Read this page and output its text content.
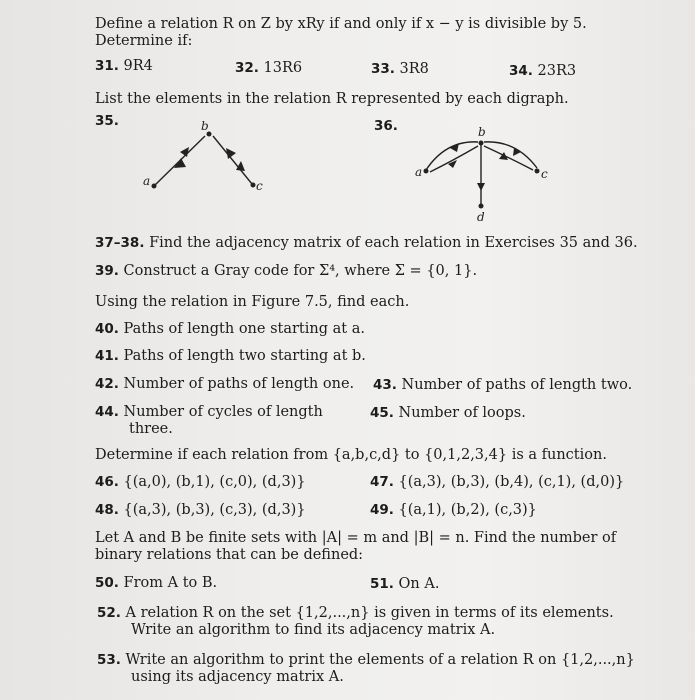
Define a relation R on Z by xRy if and only if x − y is divisible by 5.
Determine if:
31. 9R4	32. 13R6	33. 3R8	34. 23R3
List the elements in the relation R represented by each digraph.
35.	36.
a
b
c
a
b
c
d
37–38. Find the adjacency matrix of each relation in Exercises 35 and 36.
39. Construct a Gray code for Σ⁴, where Σ = {0, 1}.
Using the relation in Figure 7.5, find each.
40. Paths of length one starting at a.
41. Paths of length two starting at b.
42. Number of paths of length one. 43. Number of paths of length two.
44. Number of cycles of length
three.
45. Number of loops.
Determine if each relation from {a,b,c,d} to {0,1,2,3,4} is a function.
46. {(a,0), (b,1), (c,0), (d,3)}	47. {(a,3), (b,3), (b,4), (c,1), (d,0)}
48. {(a,3), (b,3), (c,3), (d,3)}	49. {(a,1), (b,2), (c,3)}
Let A and B be finite sets with |A| = m and |B| = n. Find the number of
binary relations that can be defined:
50. From A to B.	51. On A.
52. A relation R on the set {1,2,...,n} is given in terms of its elements.
Write an algorithm to find its adjacency matrix A.
53. Write an algorithm to print the elements of a relation R on {1,2,...,n}
using its adjacency matrix A.
